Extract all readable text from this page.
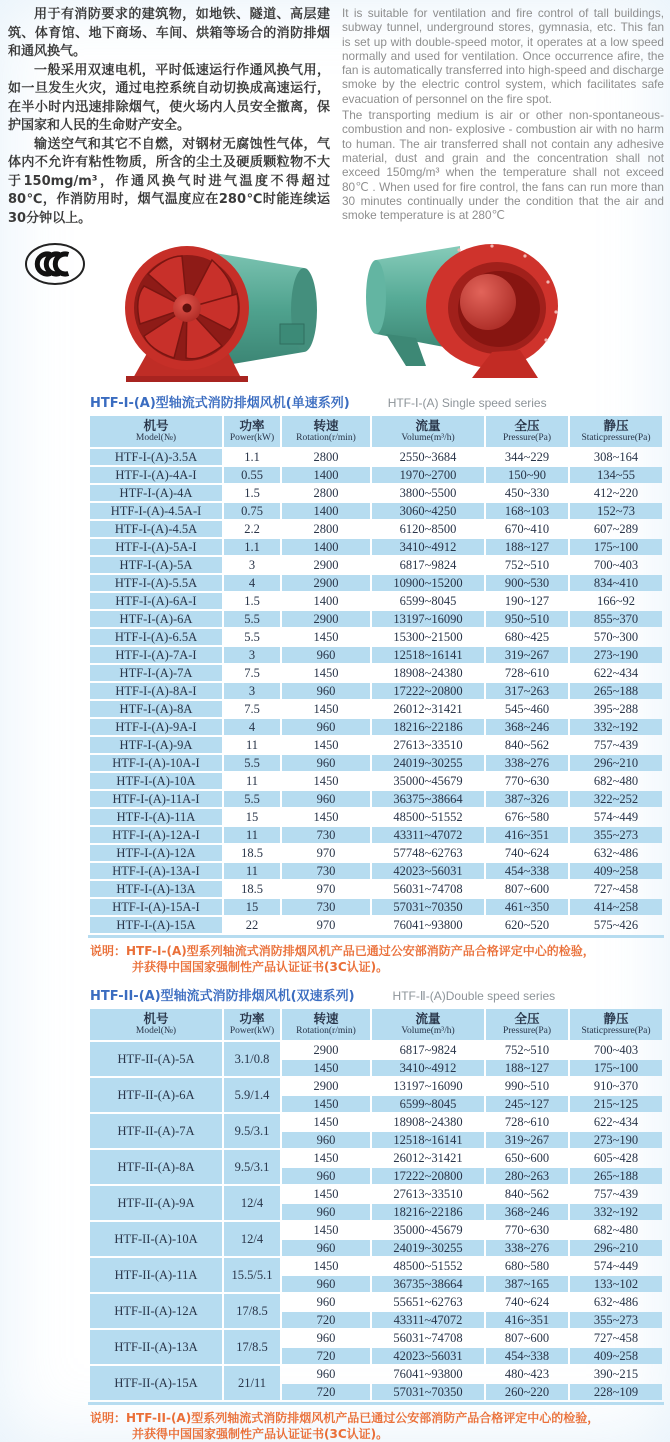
用于有消防要求的建筑物，如地铁、隧道、高层建筑、体育馆、地下商场、车间、烘箱等场合的消防排烟和通风换气。

一般采用双速电机，平时低速运行作通风换气用，如一旦发生火灾，通过电控系统自动切换成高速运行，在半小时内迅速排除烟气，使火场内人员安全撤离，保护国家和人民的生命财产安全。

输送空气和其它不自燃，对钢材无腐蚀性气体，气体内不允许有粘性物质，所含的尘土及硬质颗粒物不大于150mg/m³，作通风换气时进气温度不得超过80℃，作消防用时，烟气温度应在280℃时能连续运30分钟以上。

It is suitable for ventilation and fire control of tall buildings, subway tunnel, underground stores, gymnasia, etc. This fan is set up with double-speed motor, it operates at a low speed normally and used for ventilation. Once occurrence afire, the fan is automatically transferred into high-speed and discharge smoke by the electric control system, which facilitates safe evacuation of personnel on the fire spot.

The transporting medium is air or other non-spontaneous-combustion and non- explosive - combustion air with no harm to human. The air transferred shall not contain any adhesive material, dust and grain and the concentration shall not exceed 150mg/m³ when the temperature shall not exceed 80℃ . When used for fire control, the fans can run more than 30 minutes continually under the condition that the air and smoke temperature is at 280℃

HTF-I-(A)型轴流式消防排烟风机(单速系列)	HTF-Ⅰ-(A) Single speed series
机号
Model(№)	功率
Power(kW)	转速
Rotation(r/min)	流量
Volume(m³/h)	全压
Pressure(Pa)	静压
Staticpressure(Pa)

HTF-I-(A)-3.5A	1.1	2800	2550~3684	344~229	308~164
HTF-I-(A)-4A-I	0.55	1400	1970~2700	150~90	134~55
HTF-I-(A)-4A	1.5	2800	3800~5500	450~330	412~220
HTF-I-(A)-4.5A-I	0.75	1400	3060~4250	168~103	152~73
HTF-I-(A)-4.5A	2.2	2800	6120~8500	670~410	607~289
HTF-I-(A)-5A-I	1.1	1400	3410~4912	188~127	175~100
HTF-I-(A)-5A	3	2900	6817~9824	752~510	700~403
HTF-I-(A)-5.5A	4	2900	10900~15200	900~530	834~410
HTF-I-(A)-6A-I	1.5	1400	6599~8045	190~127	166~92
HTF-I-(A)-6A	5.5	2900	13197~16090	950~510	855~370
HTF-I-(A)-6.5A	5.5	1450	15300~21500	680~425	570~300
HTF-I-(A)-7A-I	3	960	12518~16141	319~267	273~190
HTF-I-(A)-7A	7.5	1450	18908~24380	728~610	622~434
HTF-I-(A)-8A-I	3	960	17222~20800	317~263	265~188
HTF-I-(A)-8A	7.5	1450	26012~31421	545~460	395~288
HTF-I-(A)-9A-I	4	960	18216~22186	368~246	332~192
HTF-I-(A)-9A	11	1450	27613~33510	840~562	757~439
HTF-I-(A)-10A-I	5.5	960	24019~30255	338~276	296~210
HTF-I-(A)-10A	11	1450	35000~45679	770~630	682~480
HTF-I-(A)-11A-I	5.5	960	36375~38664	387~326	322~252
HTF-I-(A)-11A	15	1450	48500~51552	676~580	574~449
HTF-I-(A)-12A-I	11	730	43311~47072	416~351	355~273
HTF-I-(A)-12A	18.5	970	57748~62763	740~624	632~486
HTF-I-(A)-13A-I	11	730	42023~56031	454~338	409~258
HTF-I-(A)-13A	18.5	970	56031~74708	807~600	727~458
HTF-I-(A)-15A-I	15	730	57031~70350	461~350	414~258
HTF-I-(A)-15A	22	970	76041~93800	620~520	575~426
说明：HTF-I-(A)型系列轴流式消防排烟风机产品已通过公安部消防产品合格评定中心的检验，
并获得中国国家强制性产品认证证书(3C认证)。
HTF-II-(A)型轴流式消防排烟风机(双速系列)	HTF-Ⅱ-(A)Double speed series
机号
Model(№)	功率
Power(kW)	转速
Rotation(r/min)	流量
Volume(m³/h)	全压
Pressure(Pa)	静压
Staticpressure(Pa)

HTF-II-(A)-5A	3.1/0.8	2900	6817~9824	752~510	700~403
		1450	3410~4912	188~127	175~100
HTF-II-(A)-6A	5.9/1.4	2900	13197~16090	990~510	910~370
		1450	6599~8045	245~127	215~125
HTF-II-(A)-7A	9.5/3.1	1450	18908~24380	728~610	622~434
		960	12518~16141	319~267	273~190
HTF-II-(A)-8A	9.5/3.1	1450	26012~31421	650~600	605~428
		960	17222~20800	280~263	265~188
HTF-II-(A)-9A	12/4	1450	27613~33510	840~562	757~439
		960	18216~22186	368~246	332~192
HTF-II-(A)-10A	12/4	1450	35000~45679	770~630	682~480
		960	24019~30255	338~276	296~210
HTF-II-(A)-11A	15.5/5.1	1450	48500~51552	680~580	574~449
		960	36735~38664	387~165	133~102
HTF-II-(A)-12A	17/8.5	960	55651~62763	740~624	632~486
		720	43311~47072	416~351	355~273
HTF-II-(A)-13A	17/8.5	960	56031~74708	807~600	727~458
		720	42023~56031	454~338	409~258
HTF-II-(A)-15A	21/11	960	76041~93800	480~423	390~215
		720	57031~70350	260~220	228~109
说明：HTF-II-(A)型系列轴流式消防排烟风机产品已通过公安部消防产品合格评定中心的检验，
并获得中国国家强制性产品认证证书(3C认证)。
